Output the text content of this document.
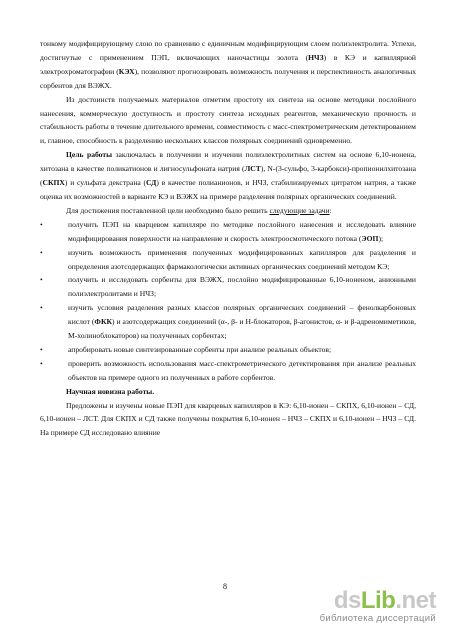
тонкому модифицирующему слою по сравнению с единичным модифицирующим слоем полиэлектролита. Успехи, достигнутые с применением ПЭП, включающих наночастицы золота (НЧЗ) в КЭ и капиллярной электрохроматографии (КЭХ), позволяют прогнозировать возможность получения и перспективность аналогичных сорбентов для ВЭЖХ.

Из достоинств получаемых материалов отметим простоту их синтеза на основе методики послойного нанесения, коммерческую доступность и простоту синтеза исходных реагентов, механическую прочность и стабильность работы в течение длительного времени, совместимость с масс-спектрометрическим детектированием и, главное, способность к разделению нескольких классов полярных соединений одновременно.

Цель работы заключалась в получении и изучении полиэлектролитных систем на основе 6,10-ионена, хитозана в качестве поликатионов и лигносульфоната натрия (ЛСТ), N-(3-сульфо, 3-карбокси)-пропионилхитозана (СКПХ) и сульфата декстрана (СД) в качестве полианионов, и НЧЗ, стабилизируемых цитратом натрия, а также оценка их возможностей в варианте КЭ и ВЭЖХ на примере разделения полярных органических соединений.

Для достижения поставленной цели необходимо было решить следующие задачи:

•	получить ПЭП на кварцевом капилляре по методике послойного нанесения и исследовать влияние модифицирования поверхности на направление и скорость электроосмотического потока (ЭОП);

•	изучить возможность применения полученных модифицированных капилляров для разделения и определения азотсодержащих фармакологически активных органических соединений методом КЭ;

•	получить и исследовать сорбенты для ВЭЖХ, послойно модифицированные 6,10-ионеном, анионными полиэлектролитами и НЧЗ;

•	изучить условия разделения разных классов полярных органических соединений – фенолкарбоновых кислот (ФКК) и азотсодержащих соединений (α-, β- и Н-блокаторов, β-агонистов, α- и β-адреномиметиков, М-холиноблокаторов) на полученных сорбентах;

•	апробировать новые синтезированные сорбенты при анализе реальных объектов;

•	проверить возможность использования масс-спектрометрического детектирования при анализе реальных объектов на примере одного из полученных в работе сорбентов.

Научная новизна работы.

Предложены и изучены новые ПЭП для кварцевых капилляров в КЭ: 6,10-ионен – СКПХ, 6,10-ионен – СД, 6,10-ионен – ЛСТ. Для СКПХ и СД также получены покрытия 6,10-ионен – НЧЗ – СКПХ и 6,10-ионен – НЧЗ – СД. На примере СД исследовано влияние

8
dsLib.net
библиотека диссертаций
